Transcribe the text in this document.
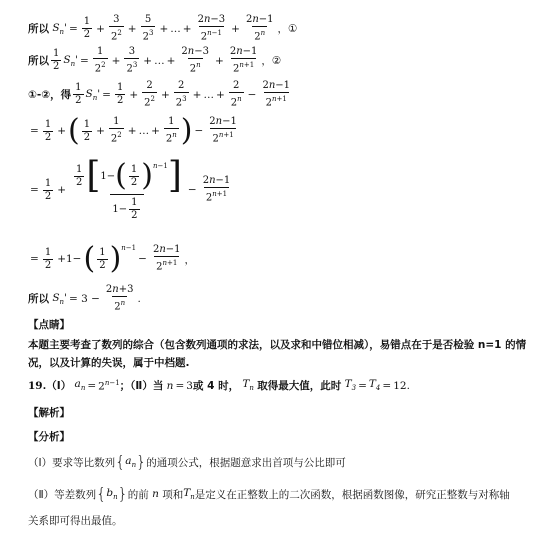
所以 $S_n' = \frac{1}{2} + \frac{3}{2^2} + \frac{5}{2^3}$ + … + $\frac{2n-3}{2^{n-1}} + \frac{2n-1}{2^n}$ ， ①
所以 $\frac{1}{2} S_n' = \frac{1}{2^2} + \frac{3}{2^3}$ + … + $\frac{2n-3}{2^n} + \frac{2n-1}{2^{n+1}}$ ， ②
①-②，得 $\frac{1}{2} S_n' = \frac{1}{2} + \frac{2}{2^2} + \frac{2}{2^3}$ + … + $\frac{2}{2^n} - \frac{2n-1}{2^{n+1}}$
= $\frac{1}{2}$ + ( $\frac{1}{2} + \frac{1}{2^2}$ + … + $\frac{1}{2^n}$ ) − $\frac{2n-1}{2^{n+1}}$
= $\frac{1}{2} + \frac{\frac{1}{2} [ 1- ( \frac{1}{2} ) ^{n-1} ]}{1- \frac{1}{2}} - \frac{2n-1}{2^{n+1}}$
= $\frac{1}{2} +1-$ ( $\frac{1}{2}$ ) $^{n-1}$
− $\frac{2n-1}{2^{n+1}}$ ，
所以 $S_n' = 3 - \frac{2n+3}{2^n}$ .
【点睛】
本题主要考查了数列的综合（包含数列通项的求法，以及求和中错位相减），易错点在于是否检验 n=1 的情况，以及计算的失误，属于中档题.
19. （Ⅰ） $a_n = 2^{n-1}$ ；（Ⅱ）当 n = 3 或 4 时， $T_n$ 取得最大值，此时 $T_3 = T_4 = 12$.
【解析】
【分析】
（Ⅰ）要求等比数列 { $a_n$ } 的通项公式，根据题意求出首项与公比即可
（Ⅱ）等差数列 { $b_n$ } 的前 n 项和 $T_n$ 是定义在正整数上的二次函数，根据函数图像，研究正整数与对称轴
关系即可得出最值。
